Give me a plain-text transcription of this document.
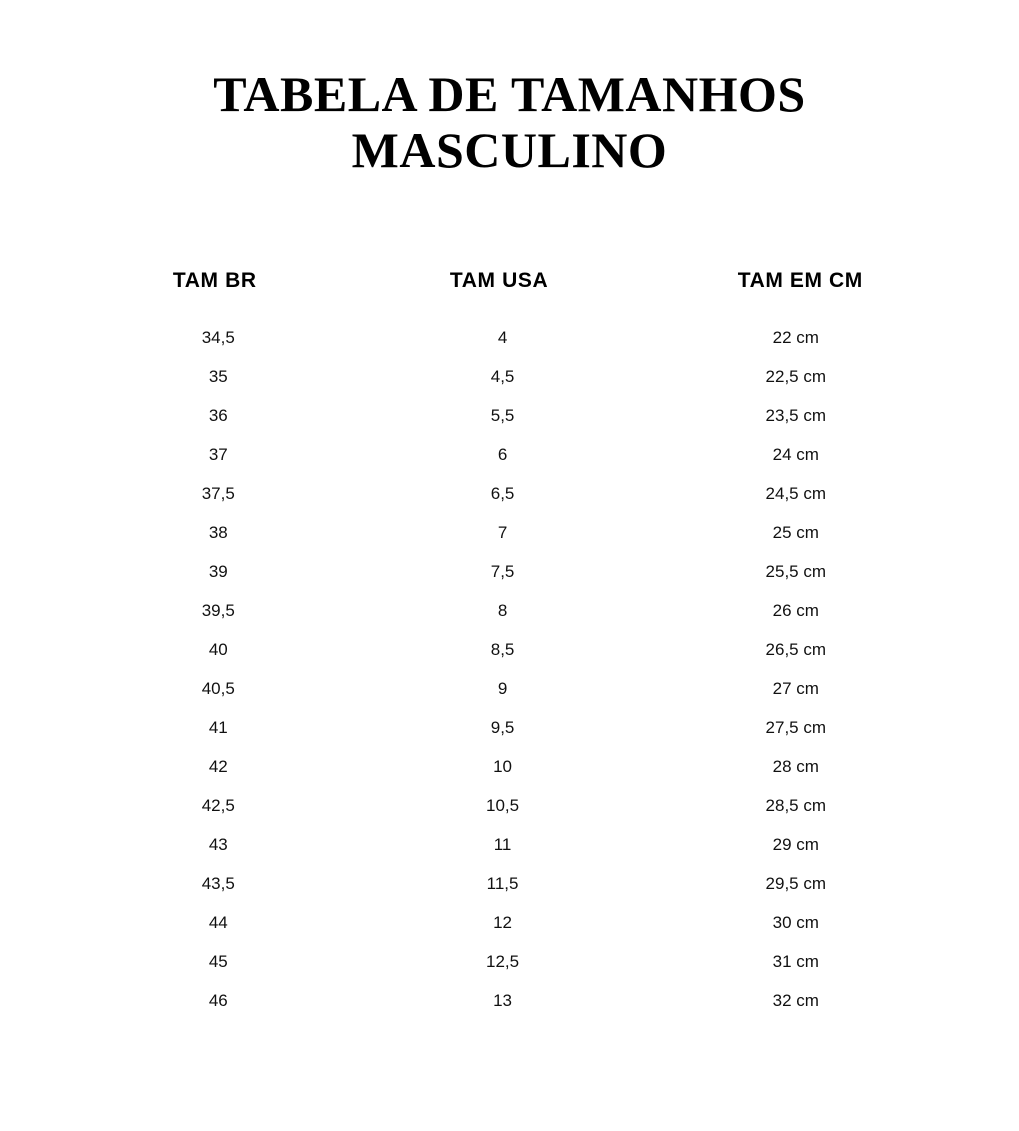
TABELA DE TAMANHOS
MASCULINO
TAM BR	TAM USA	TAM EM CM
34,5	4	22 cm
35	4,5	22,5 cm
36	5,5	23,5 cm
37	6	24 cm
37,5	6,5	24,5 cm
38	7	25 cm
39	7,5	25,5 cm
39,5	8	26 cm
40	8,5	26,5 cm
40,5	9	27 cm
41	9,5	27,5 cm
42	10	28 cm
42,5	10,5	28,5 cm
43	11	29 cm
43,5	11,5	29,5 cm
44	12	30 cm
45	12,5	31 cm
46	13	32 cm
